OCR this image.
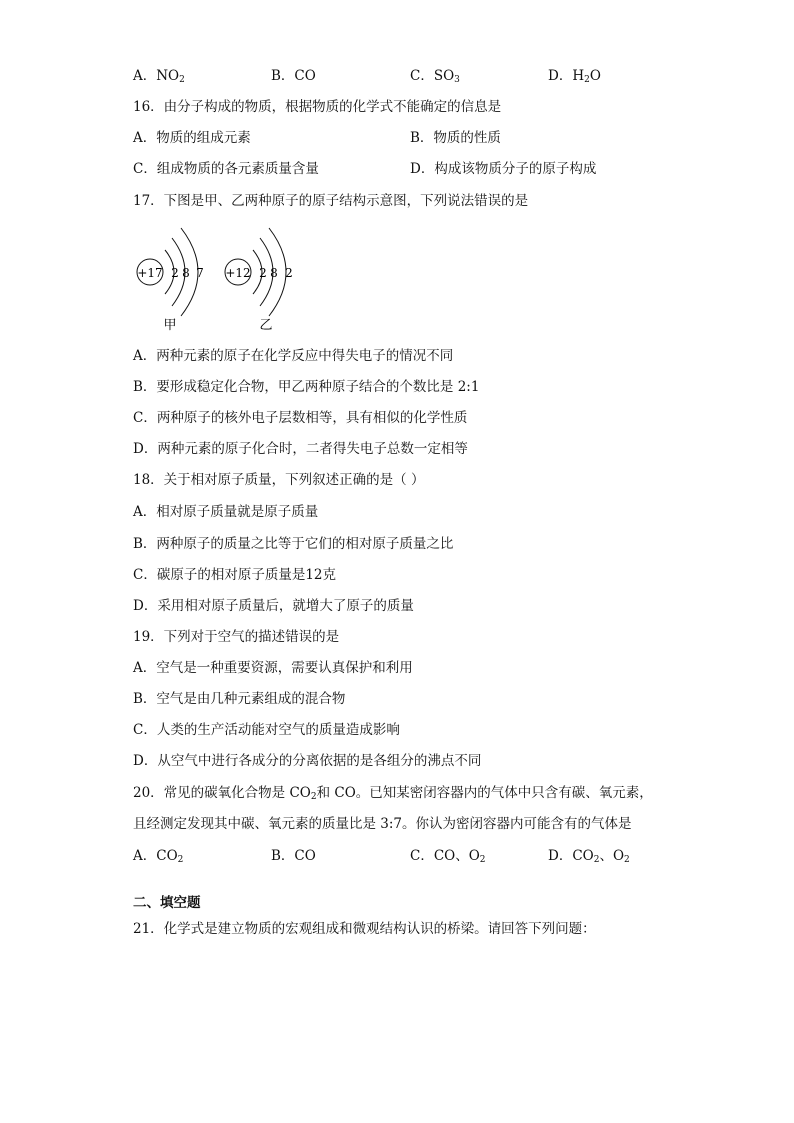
A．$NO_2$	B．CO	C．$SO_3$	D．$H_2O$
16．由分子构成的物质，根据物质的化学式不能确定的信息是
A．物质的组成元素	B．物质的性质
C．组成物质的各元素质量含量	D．构成该物质分子的原子构成
17．下图是甲、乙两种原子的原子结构示意图，下列说法错误的是
+17 2 8 7
甲
+12 2 8 2
乙
A．两种元素的原子在化学反应中得失电子的情况不同
B．要形成稳定化合物，甲乙两种原子结合的个数比是 2:1
C．两种原子的核外电子层数相等，具有相似的化学性质
D．两种元素的原子化合时，二者得失电子总数一定相等
18．关于相对原子质量，下列叙述正确的是（ ）
A．相对原子质量就是原子质量
B．两种原子的质量之比等于它们的相对原子质量之比
C．碳原子的相对原子质量是12克
D．采用相对原子质量后，就增大了原子的质量
19．下列对于空气的描述错误的是
A．空气是一种重要资源，需要认真保护和利用
B．空气是由几种元素组成的混合物
C．人类的生产活动能对空气的质量造成影响
D．从空气中进行各成分的分离依据的是各组分的沸点不同
20．常见的碳氧化合物是 $CO_2$和 CO。已知某密闭容器内的气体中只含有碳、氧元素，
且经测定发现其中碳、氧元素的质量比是 3:7。你认为密闭容器内可能含有的气体是
A．$CO_2$	B．CO	C．CO、$O_2$	D．$CO_2$、$O_2$
二、填空题
21．化学式是建立物质的宏观组成和微观结构认识的桥梁。请回答下列问题：
